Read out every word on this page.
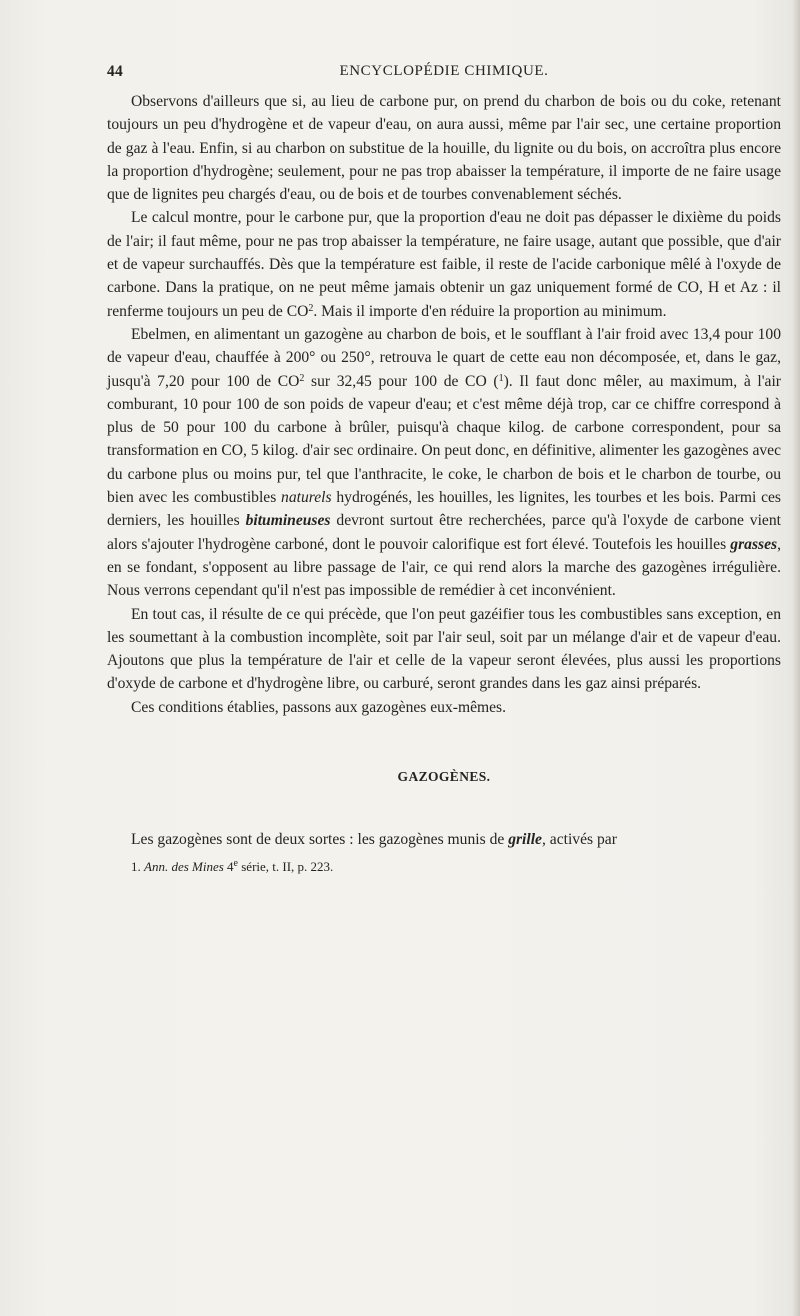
44	ENCYCLOPÉDIE CHIMIQUE.

Observons d'ailleurs que si, au lieu de carbone pur, on prend du charbon de bois ou du coke, retenant toujours un peu d'hydrogène et de vapeur d'eau, on aura aussi, même par l'air sec, une certaine proportion de gaz à l'eau. Enfin, si au charbon on substitue de la houille, du lignite ou du bois, on accroîtra plus encore la proportion d'hydrogène; seulement, pour ne pas trop abaisser la température, il importe de ne faire usage que de lignites peu chargés d'eau, ou de bois et de tourbes convenablement séchés.

Le calcul montre, pour le carbone pur, que la proportion d'eau ne doit pas dépasser le dixième du poids de l'air; il faut même, pour ne pas trop abaisser la température, ne faire usage, autant que possible, que d'air et de vapeur surchauffés. Dès que la température est faible, il reste de l'acide carbonique mêlé à l'oxyde de carbone. Dans la pratique, on ne peut même jamais obtenir un gaz uniquement formé de CO, H et Az : il renferme toujours un peu de $CO^2$. Mais il importe d'en réduire la proportion au minimum.

Ebelmen, en alimentant un gazogène au charbon de bois, et le soufflant à l'air froid avec 13,4 pour 100 de vapeur d'eau, chauffée à 200° ou 250°, retrouva le quart de cette eau non décomposée, et, dans le gaz, jusqu'à 7,20 pour 100 de $CO^2$ sur 32,45 pour 100 de CO ($^1$). Il faut donc mêler, au maximum, à l'air comburant, 10 pour 100 de son poids de vapeur d'eau; et c'est même déjà trop, car ce chiffre correspond à plus de 50 pour 100 du carbone à brûler, puisqu'à chaque kilog. de carbone correspondent, pour sa transformation en CO, 5 kilog. d'air sec ordinaire. On peut donc, en définitive, alimenter les gazogènes avec du carbone plus ou moins pur, tel que l'anthracite, le coke, le charbon de bois et le charbon de tourbe, ou bien avec les combustibles naturels hydrogénés, les houilles, les lignites, les tourbes et les bois. Parmi ces derniers, les houilles bitumineuses devront surtout être recherchées, parce qu'à l'oxyde de carbone vient alors s'ajouter l'hydrogène carboné, dont le pouvoir calorifique est fort élevé. Toutefois les houilles grasses, en se fondant, s'opposent au libre passage de l'air, ce qui rend alors la marche des gazogènes irrégulière. Nous verrons cependant qu'il n'est pas impossible de remédier à cet inconvénient.

En tout cas, il résulte de ce qui précède, que l'on peut gazéifier tous les combustibles sans exception, en les soumettant à la combustion incomplète, soit par l'air seul, soit par un mélange d'air et de vapeur d'eau. Ajoutons que plus la température de l'air et celle de la vapeur seront élevées, plus aussi les proportions d'oxyde de carbone et d'hydrogène libre, ou carburé, seront grandes dans les gaz ainsi préparés.

Ces conditions établies, passons aux gazogènes eux-mêmes.

GAZOGÈNES.

Les gazogènes sont de deux sortes : les gazogènes munis de grille, activés par

1. Ann. des Mines 4e série, t. II, p. 223.
